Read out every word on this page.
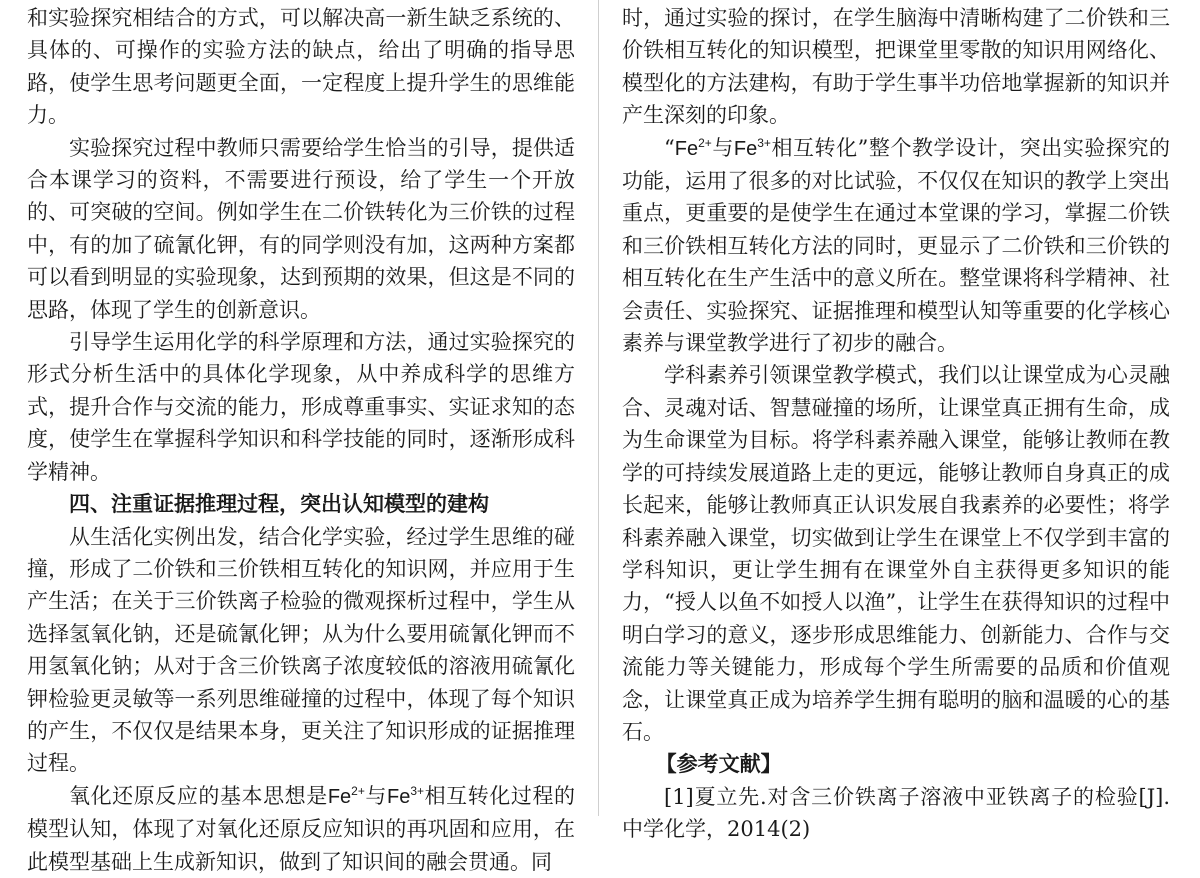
和实验探究相结合的方式，可以解决高一新生缺乏系统的、具体的、可操作的实验方法的缺点，给出了明确的指导思路，使学生思考问题更全面，一定程度上提升学生的思维能力。

实验探究过程中教师只需要给学生恰当的引导，提供适合本课学习的资料，不需要进行预设，给了学生一个开放的、可突破的空间。例如学生在二价铁转化为三价铁的过程中，有的加了硫氰化钾，有的同学则没有加，这两种方案都可以看到明显的实验现象，达到预期的效果，但这是不同的思路，体现了学生的创新意识。

引导学生运用化学的科学原理和方法，通过实验探究的形式分析生活中的具体化学现象，从中养成科学的思维方式，提升合作与交流的能力，形成尊重事实、实证求知的态度，使学生在掌握科学知识和科学技能的同时，逐渐形成科学精神。

四、注重证据推理过程，突出认知模型的建构

从生活化实例出发，结合化学实验，经过学生思维的碰撞，形成了二价铁和三价铁相互转化的知识网，并应用于生产生活；在关于三价铁离子检验的微观探析过程中，学生从选择氢氧化钠，还是硫氰化钾；从为什么要用硫氰化钾而不用氢氧化钠；从对于含三价铁离子浓度较低的溶液用硫氰化钾检验更灵敏等一系列思维碰撞的过程中，体现了每个知识的产生，不仅仅是结果本身，更关注了知识形成的证据推理过程。

氧化还原反应的基本思想是$Fe^{2+}$与$Fe^{3+}$相互转化过程的模型认知，体现了对氧化还原反应知识的再巩固和应用，在此模型基础上生成新知识，做到了知识间的融会贯通。同

时，通过实验的探讨，在学生脑海中清晰构建了二价铁和三价铁相互转化的知识模型，把课堂里零散的知识用网络化、模型化的方法建构，有助于学生事半功倍地掌握新的知识并产生深刻的印象。

“$Fe^{2+}$与$Fe^{3+}$相互转化”整个教学设计，突出实验探究的功能，运用了很多的对比试验，不仅仅在知识的教学上突出重点，更重要的是使学生在通过本堂课的学习，掌握二价铁和三价铁相互转化方法的同时，更显示了二价铁和三价铁的相互转化在生产生活中的意义所在。整堂课将科学精神、社会责任、实验探究、证据推理和模型认知等重要的化学核心素养与课堂教学进行了初步的融合。

学科素养引领课堂教学模式，我们以让课堂成为心灵融合、灵魂对话、智慧碰撞的场所，让课堂真正拥有生命，成为生命课堂为目标。将学科素养融入课堂，能够让教师在教学的可持续发展道路上走的更远，能够让教师自身真正的成长起来，能够让教师真正认识发展自我素养的必要性；将学科素养融入课堂，切实做到让学生在课堂上不仅学到丰富的学科知识，更让学生拥有在课堂外自主获得更多知识的能力，“授人以鱼不如授人以渔”，让学生在获得知识的过程中明白学习的意义，逐步形成思维能力、创新能力、合作与交流能力等关键能力，形成每个学生所需要的品质和价值观念，让课堂真正成为培养学生拥有聪明的脑和温暖的心的基石。

【参考文献】

[1]夏立先.对含三价铁离子溶液中亚铁离子的检验[J].中学化学，2014(2)
